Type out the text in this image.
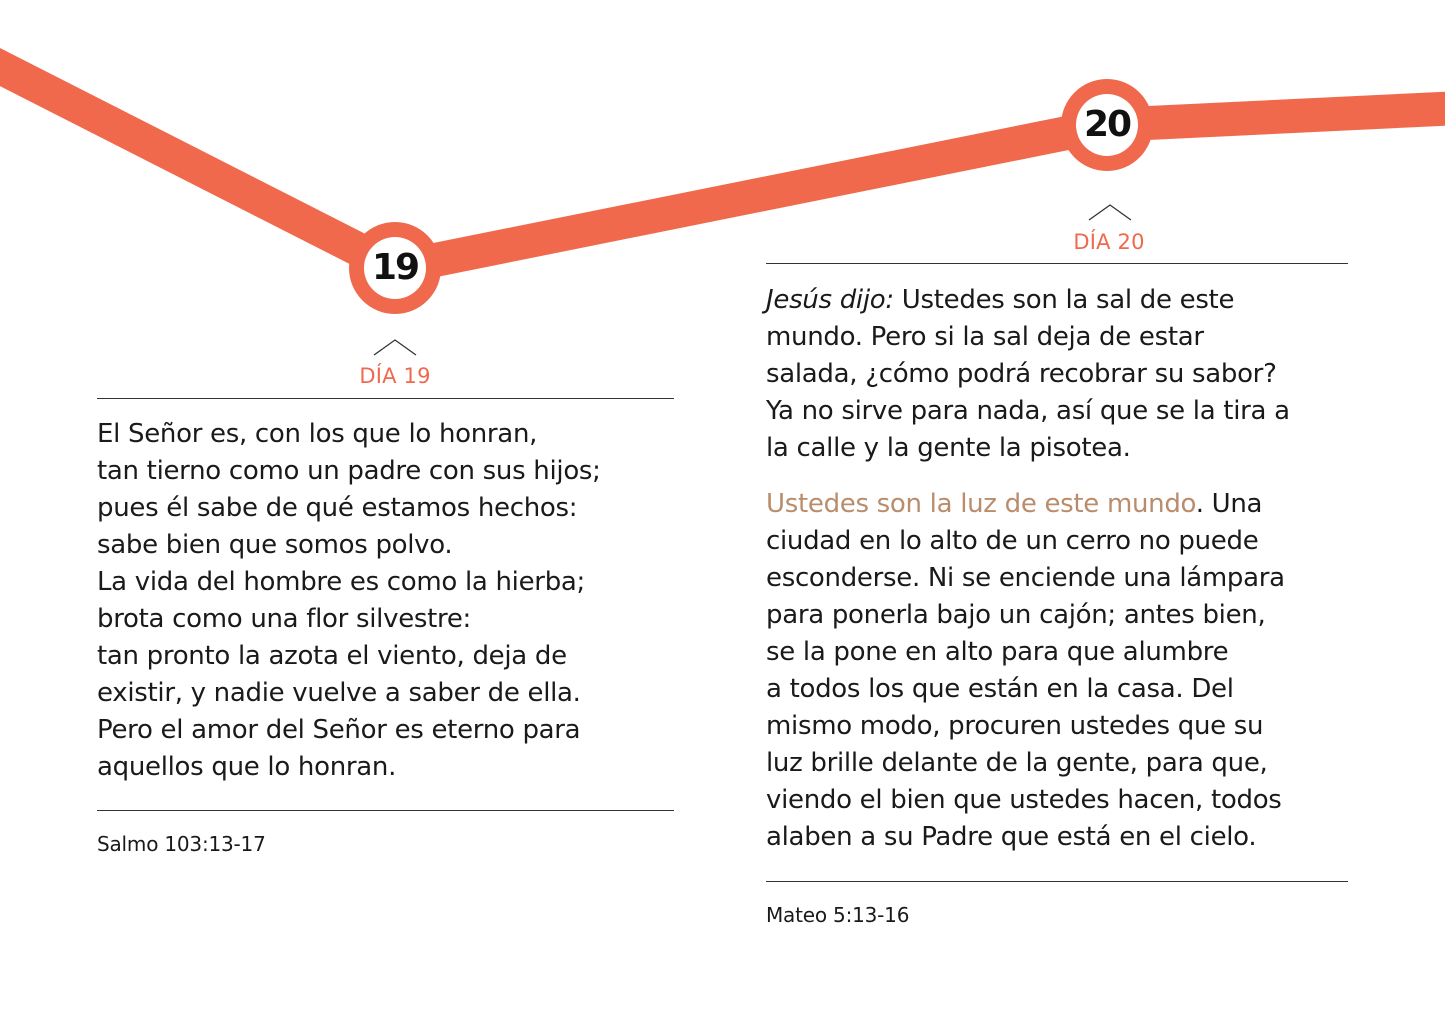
19
20
DÍA 19
El Señor es, con los que lo honran,
tan tierno como un padre con sus hijos;
pues él sabe de qué estamos hechos:
sabe bien que somos polvo.
La vida del hombre es como la hierba;
brota como una flor silvestre:
tan pronto la azota el viento, deja de
existir, y nadie vuelve a saber de ella.
Pero el amor del Señor es eterno para
aquellos que lo honran.
Salmo 103:13-17
DÍA 20
Jesús dijo: Ustedes son la sal de este
mundo. Pero si la sal deja de estar
salada, ¿cómo podrá recobrar su sabor?
Ya no sirve para nada, así que se la tira a
la calle y la gente la pisotea.
Ustedes son la luz de este mundo. Una
ciudad en lo alto de un cerro no puede
esconderse. Ni se enciende una lámpara
para ponerla bajo un cajón; antes bien,
se la pone en alto para que alumbre
a todos los que están en la casa. Del
mismo modo, procuren ustedes que su
luz brille delante de la gente, para que,
viendo el bien que ustedes hacen, todos
alaben a su Padre que está en el cielo.
Mateo 5:13-16
